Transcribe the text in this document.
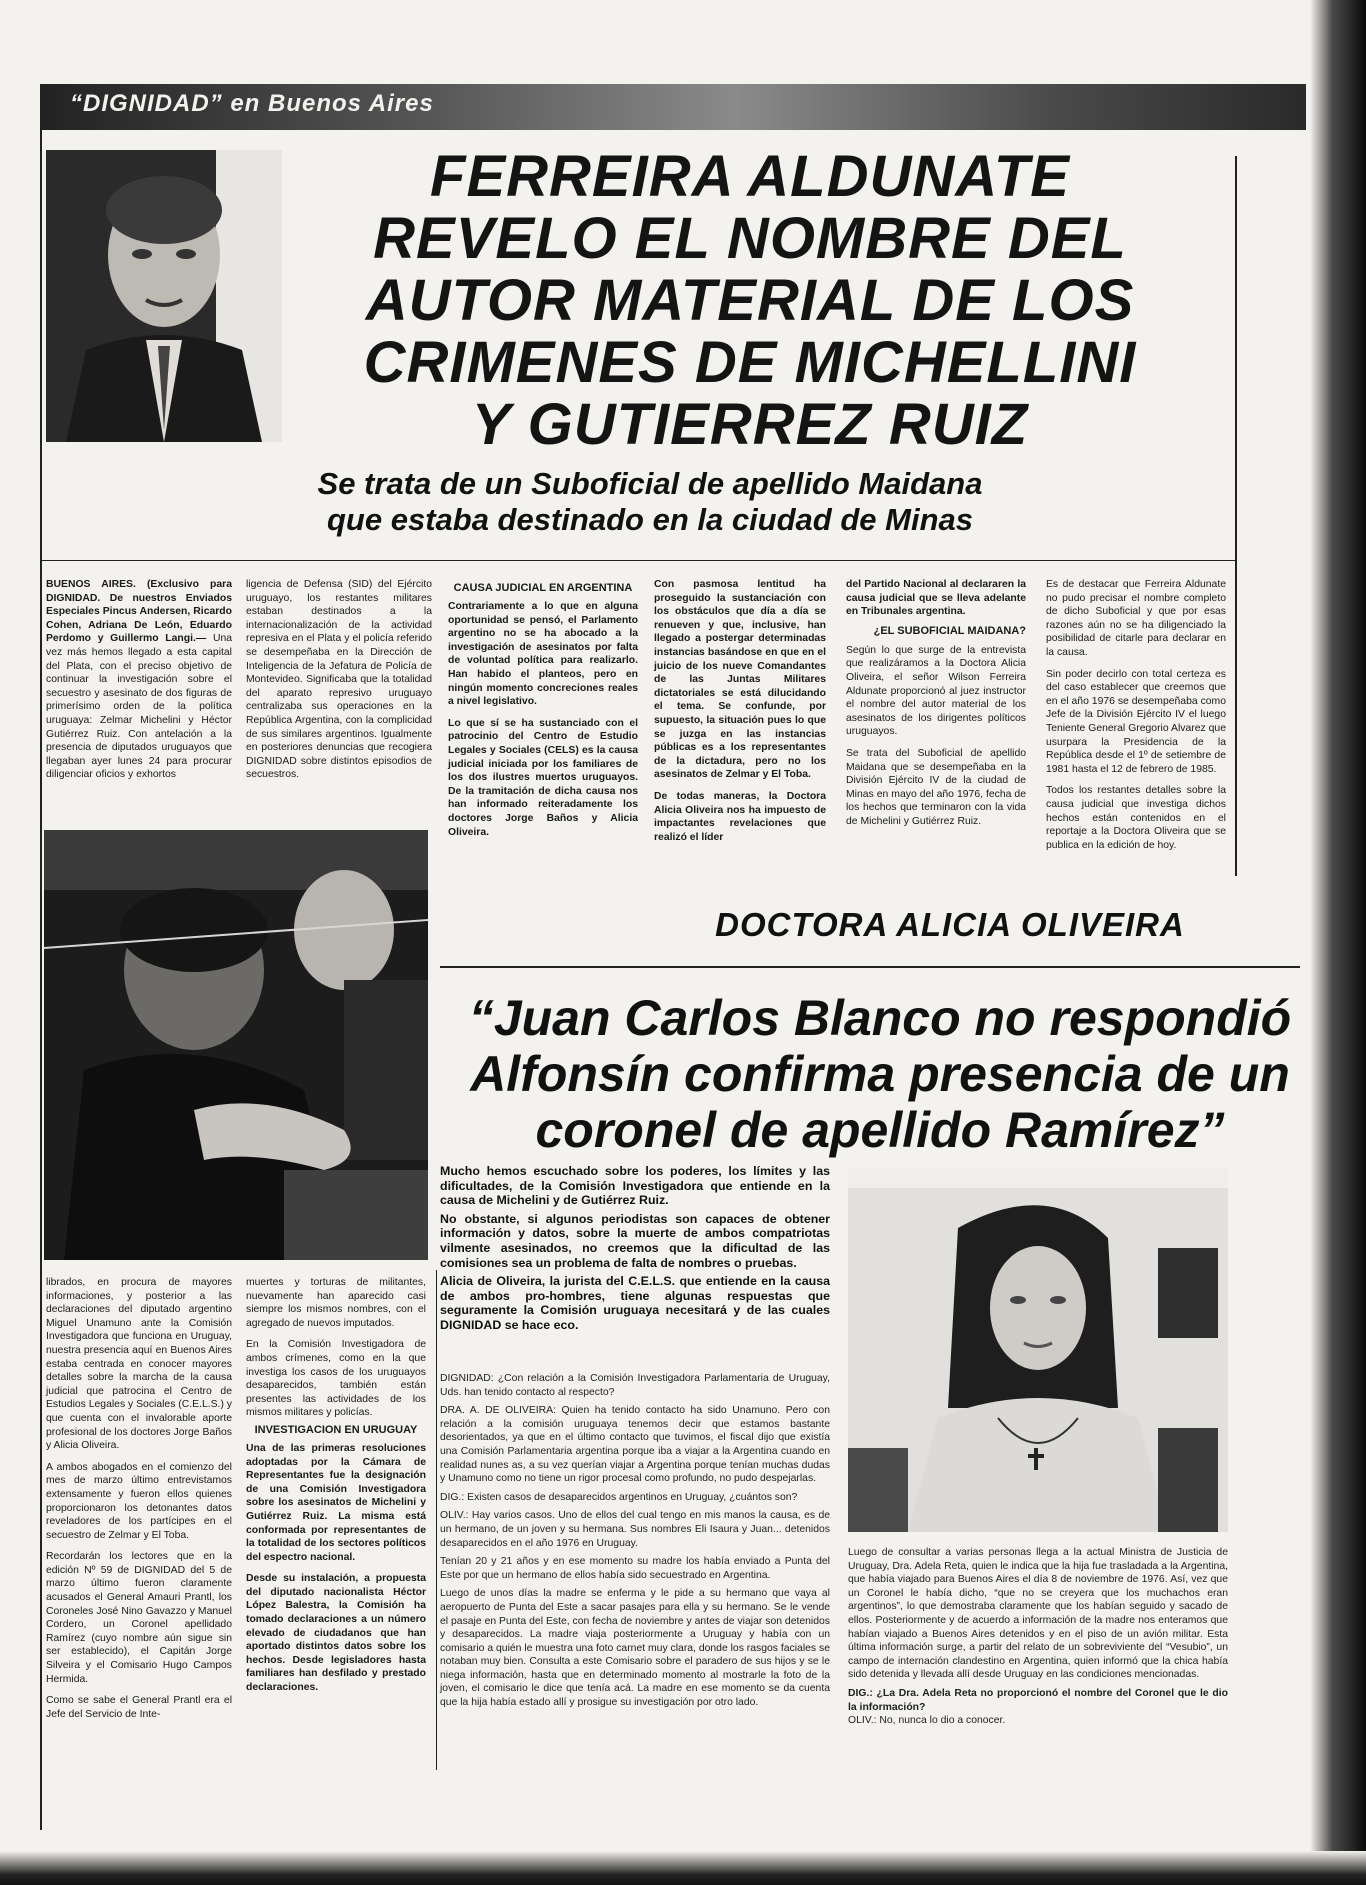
“DIGNIDAD” en Buenos Aires
FERREIRA ALDUNATE
REVELO EL NOMBRE DEL
AUTOR MATERIAL DE LOS
CRIMENES DE MICHELLINI
Y GUTIERREZ RUIZ
Se trata de un Suboficial de apellido Maidana
que estaba destinado en la ciudad de Minas

BUENOS AIRES. (Exclusivo para DIGNIDAD. De nuestros Enviados Especiales Pincus Andersen, Ricardo Cohen, Adriana De León, Eduardo Perdomo y Guillermo Langi.— Una vez más hemos llegado a esta capital del Plata, con el preciso objetivo de continuar la investigación sobre el secuestro y asesinato de dos figuras de primerísimo orden de la política uruguaya: Zelmar Michelini y Héctor Gutiérrez Ruiz. Con antelación a la presencia de diputados uruguayos que llegaban ayer lunes 24 para procurar diligenciar oficios y exhortos

ligencia de Defensa (SID) del Ejército uruguayo, los restantes militares estaban destinados a la internacionalización de la actividad represiva en el Plata y el policía referido se desempeñaba en la Dirección de Inteligencia de la Jefatura de Policía de Montevideo. Significaba que la totalidad del aparato represivo uruguayo centralizaba sus operaciones en la República Argentina, con la complicidad de sus similares argentinos. Igualmente en posteriores denuncias que recogiera DIGNIDAD sobre distintos episodios de secuestros.

CAUSA JUDICIAL EN ARGENTINA

Contrariamente a lo que en alguna oportunidad se pensó, el Parlamento argentino no se ha abocado a la investigación de asesinatos por falta de voluntad política para realizarlo. Han habido el planteos, pero en ningún momento concreciones reales a nivel legislativo.

Lo que sí se ha sustanciado con el patrocinio del Centro de Estudio Legales y Sociales (CELS) es la causa judicial iniciada por los familiares de los dos ilustres muertos uruguayos. De la tramitación de dicha causa nos han informado reiteradamente los doctores Jorge Baños y Alicia Oliveira.

Con pasmosa lentitud ha proseguido la sustanciación con los obstáculos que día a día se renueven y que, inclusive, han llegado a postergar determinadas instancias basándose en que en el juicio de los nueve Comandantes de las Juntas Militares dictatoriales se está dilucidando el tema. Se confunde, por supuesto, la situación pues lo que se juzga en las instancias públicas es a los representantes de la dictadura, pero no los asesinatos de Zelmar y El Toba.

De todas maneras, la Doctora Alicia Oliveira nos ha impuesto de impactantes revelaciones que realizó el líder

del Partido Nacional al declararen la causa judicial que se lleva adelante en Tribunales argentina.

¿EL SUBOFICIAL MAIDANA?

Según lo que surge de la entrevista que realizáramos a la Doctora Alicia Oliveira, el señor Wilson Ferreira Aldunate proporcionó al juez instructor el nombre del autor material de los asesinatos de los dirigentes políticos uruguayos.

Se trata del Suboficial de apellido Maidana que se desempeñaba en la División Ejército IV de la ciudad de Minas en mayo del año 1976, fecha de los hechos que terminaron con la vida de Michelini y Gutiérrez Ruiz.

Es de destacar que Ferreira Aldunate no pudo precisar el nombre completo de dicho Suboficial y que por esas razones aún no se ha diligenciado la posibilidad de citarle para declarar en la causa.

Sin poder decirlo con total certeza es del caso establecer que creemos que en el año 1976 se desempeñaba como Jefe de la División Ejército IV el luego Teniente General Gregorio Alvarez que usurpara la Presidencia de la República desde el 1º de setiembre de 1981 hasta el 12 de febrero de 1985.

Todos los restantes detalles sobre la causa judicial que investiga dichos hechos están contenidos en el reportaje a la Doctora Oliveira que se publica en la edición de hoy.

librados, en procura de mayores informaciones, y posterior a las declaraciones del diputado argentino Miguel Unamuno ante la Comisión Investigadora que funciona en Uruguay, nuestra presencia aquí en Buenos Aires estaba centrada en conocer mayores detalles sobre la marcha de la causa judicial que patrocina el Centro de Estudios Legales y Sociales (C.E.L.S.) y que cuenta con el invalorable aporte profesional de los doctores Jorge Baños y Alicia Oliveira.

A ambos abogados en el comienzo del mes de marzo último entrevistamos extensamente y fueron ellos quienes proporcionaron los detonantes datos reveladores de los partícipes en el secuestro de Zelmar y El Toba.

Recordarán los lectores que en la edición Nº 59 de DIGNIDAD del 5 de marzo último fueron claramente acusados el General Amauri Prantl, los Coroneles José Nino Gavazzo y Manuel Cordero, un Coronel apellidado Ramírez (cuyo nombre aún sigue sin ser establecido), el Capitán Jorge Silveira y el Comisario Hugo Campos Hermida.

Como se sabe el General Prantl era el Jefe del Servicio de Inte-

muertes y torturas de militantes, nuevamente han aparecido casi siempre los mismos nombres, con el agregado de nuevos imputados.

En la Comisión Investigadora de ambos crímenes, como en la que investiga los casos de los uruguayos desaparecidos, también están presentes las actividades de los mismos militares y policías.

INVESTIGACION EN URUGUAY

Una de las primeras resoluciones adoptadas por la Cámara de Representantes fue la designación de una Comisión Investigadora sobre los asesinatos de Michelini y Gutiérrez Ruiz. La misma está conformada por representantes de la totalidad de los sectores políticos del espectro nacional.

Desde su instalación, a propuesta del diputado nacionalista Héctor López Balestra, la Comisión ha tomado declaraciones a un número elevado de ciudadanos que han aportado distintos datos sobre los hechos. Desde legisladores hasta familiares han desfilado y prestado declaraciones.

DOCTORA ALICIA OLIVEIRA
“Juan Carlos Blanco no respondió
Alfonsín confirma presencia de un
coronel de apellido Ramírez”

Mucho hemos escuchado sobre los poderes, los límites y las dificultades, de la Comisión Investigadora que entiende en la causa de Michelini y de Gutiérrez Ruiz.

No obstante, si algunos periodistas son capaces de obtener información y datos, sobre la muerte de ambos compatriotas vilmente asesinados, no creemos que la dificultad de las comisiones sea un problema de falta de nombres o pruebas.

Alicia de Oliveira, la jurista del C.E.L.S. que entiende en la causa de ambos pro-hombres, tiene algunas respuestas que seguramente la Comisión uruguaya necesitará y de las cuales DIGNIDAD se hace eco.

DIGNIDAD: ¿Con relación a la Comisión Investigadora Parlamentaria de Uruguay, Uds. han tenido contacto al respecto?

DRA. A. DE OLIVEIRA: Quien ha tenido contacto ha sido Unamuno. Pero con relación a la comisión uruguaya tenemos decir que estamos bastante desorientados, ya que en el último contacto que tuvimos, el fiscal dijo que existía una Comisión Parlamentaria argentina porque iba a viajar a la Argentina cuando en realidad nunes as, a su vez querían viajar a Argentina porque tenían muchas dudas y Unamuno como no tiene un rigor procesal como profundo, no pudo despejarlas.

DIG.: Existen casos de desaparecidos argentinos en Uruguay, ¿cuántos son?

OLIV.: Hay varios casos. Uno de ellos del cual tengo en mis manos la causa, es de un hermano, de un joven y su hermana. Sus nombres Eli Isaura y Juan... detenidos desaparecidos en el año 1976 en Uruguay.

Tenían 20 y 21 años y en ese momento su madre los había enviado a Punta del Este por que un hermano de ellos había sido secuestrado en Argentina.

Luego de unos días la madre se enferma y le pide a su hermano que vaya al aeropuerto de Punta del Este a sacar pasajes para ella y su hermano. Se le vende el pasaje en Punta del Este, con fecha de noviembre y antes de viajar son detenidos y desaparecidos. La madre viaja posteriormente a Uruguay y había con un comisario a quién le muestra una foto carnet muy clara, donde los rasgos faciales se notaban muy bien. Consulta a este Comisario sobre el paradero de sus hijos y se le niega información, hasta que en determinado momento al mostrarle la foto de la joven, el comisario le dice que tenía acá. La madre en ese momento se da cuenta que la hija había estado allí y prosigue su investigación por otro lado.

Luego de consultar a varias personas llega a la actual Ministra de Justicia de Uruguay, Dra. Adela Reta, quien le indica que la hija fue trasladada a la Argentina, que había viajado para Buenos Aires el día 8 de noviembre de 1976. Así, vez que un Coronel le había dicho, “que no se creyera que los muchachos eran argentinos”, lo que demostraba claramente que los habían seguido y sacado de ellos. Posteriormente y de acuerdo a información de la madre nos enteramos que habían viajado a Buenos Aires detenidos y en el piso de un avión militar. Esta última información surge, a partir del relato de un sobreviviente del “Vesubio”, un campo de internación clandestino en Argentina, quien informó que la chica había sido detenida y llevada allí desde Uruguay en las condiciones mencionadas.

DIG.: ¿La Dra. Adela Reta no proporcionó el nombre del Coronel que le dio la información?

OLIV.: No, nunca lo dio a conocer.
